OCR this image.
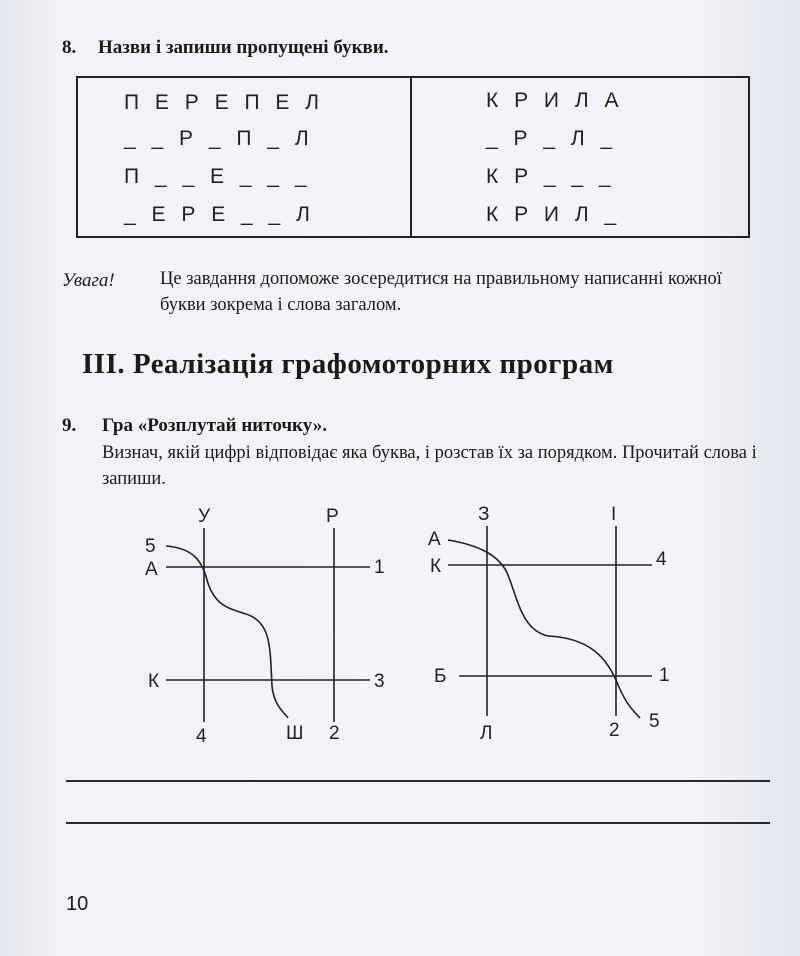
8. Назви і запиши пропущені букви.
П Е Р Е П Е Л
_ _ Р _ П _ Л
П _ _ Е _ _ _
_ Е Р Е _ _ Л
К Р И Л А
_ Р _ Л _
К Р _ _ _
К Р И Л _
Увага! Це завдання допоможе зосередитися на правильному написанні кожної букви зокрема і слова загалом.
III. Реалізація графомоторних програм
9. Гра «Розплутай ниточку».
Визнач, якій цифрі відповідає яка буква, і розстав їх за порядком. Прочитай слова і запиши.
У	Р
5
А	1
К	3
4	Ш 2
З	І
А
К	4
Б	1
Л	2 5
10
